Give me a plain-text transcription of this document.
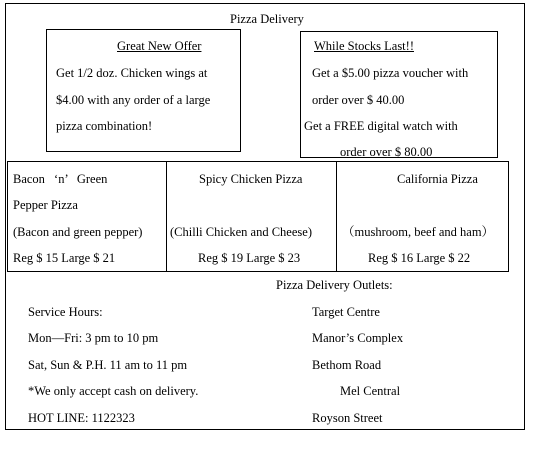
Pizza Delivery
Great New Offer
Get 1/2 doz. Chicken wings at
$4.00 with any order of a large
pizza combination!
While Stocks Last!!
Get a $5.00 pizza voucher with
order over $ 40.00
Get a FREE digital watch with
order over $ 80.00
Bacon ‘n’ Green
Pepper Pizza
(Bacon and green pepper)
Reg $ 15 Large $ 21
Spicy Chicken Pizza
(Chilli Chicken and Cheese)
Reg $ 19 Large $ 23
California Pizza
（mushroom, beef and ham）
Reg $ 16 Large $ 22
Service Hours:
Mon—Fri: 3 pm to 10 pm
Sat, Sun & P.H. 11 am to 11 pm
*We only accept cash on delivery.
HOT LINE: 1122323
Pizza Delivery Outlets:
Target Centre
Manor’s Complex
Bethom Road
Mel Central
Royson Street
